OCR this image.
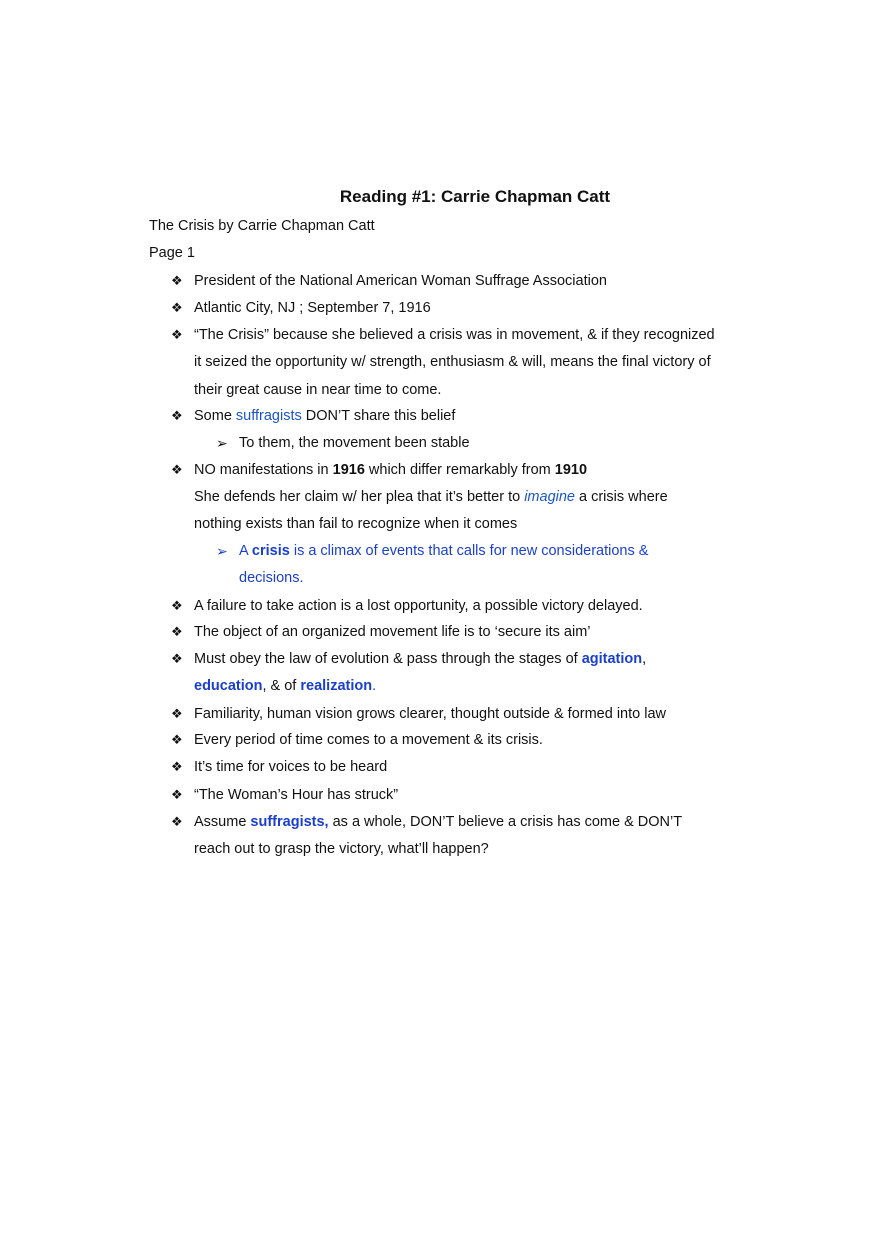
Reading #1: Carrie Chapman Catt
The Crisis by Carrie Chapman Catt
Page 1
❖ President of the National American Woman Suffrage Association
❖ Atlantic City, NJ ; September 7, 1916
❖ “The Crisis” because she believed a crisis was in movement, & if they recognized
it seized the opportunity w/ strength, enthusiasm & will, means the final victory of
their great cause in near time to come.
❖ Some suffragists DON’T share this belief
➢ To them, the movement been stable
❖ NO manifestations in 1916 which differ remarkably from 1910
She defends her claim w/ her plea that it’s better to imagine a crisis where
nothing exists than fail to recognize when it comes
➢ A crisis is a climax of events that calls for new considerations &
decisions.
❖ A failure to take action is a lost opportunity, a possible victory delayed.
❖ The object of an organized movement life is to ‘secure its aim’
❖ Must obey the law of evolution & pass through the stages of agitation,
education, & of realization.
❖ Familiarity, human vision grows clearer, thought outside & formed into law
❖ Every period of time comes to a movement & its crisis.
❖ It’s time for voices to be heard
❖ “The Woman’s Hour has struck”
❖ Assume suffragists, as a whole, DON’T believe a crisis has come & DON’T
reach out to grasp the victory, what’ll happen?
